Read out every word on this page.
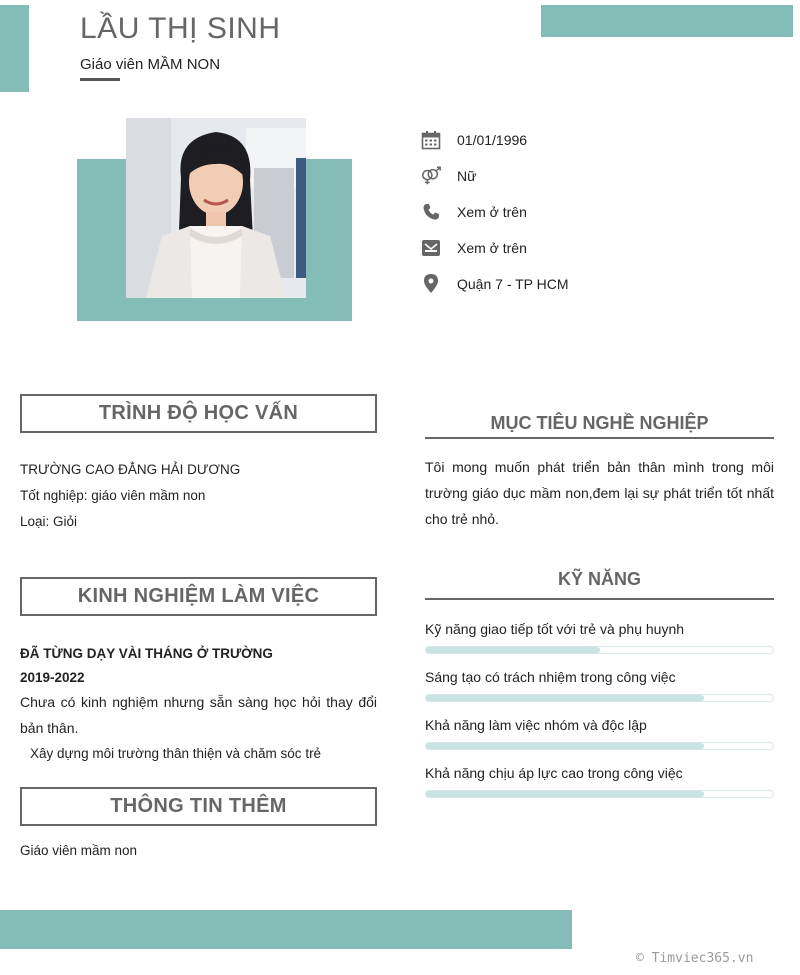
LẦU THỊ SINH
Giáo viên MẦM NON
01/01/1996
Nữ
Xem ở trên
Xem ở trên
Quận 7 - TP HCM
TRÌNH ĐỘ HỌC VẤN
TRƯỜNG CAO ĐẲNG HẢI DƯƠNG
Tốt nghiệp: giáo viên mầm non
Loại: Giỏi
KINH NGHIỆM LÀM VIỆC
ĐÃ TỪNG DẠY VÀI THÁNG Ở TRƯỜNG
2019-2022
Chưa có kinh nghiệm nhưng sẵn sàng học hỏi thay đổi bản thân.
Xây dựng môi trường thân thiện và chăm sóc trẻ
THÔNG TIN THÊM
Giáo viên mầm non
MỤC TIÊU NGHỀ NGHIỆP
Tôi mong muốn phát triển bản thân mình trong môi trường giáo dục mầm non,đem lại sự phát triển tốt nhất cho trẻ nhỏ.
KỸ NĂNG
Kỹ năng giao tiếp tốt với trẻ và phụ huynh
Sáng tạo có trách nhiệm trong công việc
Khả năng làm việc nhóm và độc lập
Khả năng chịu áp lực cao trong công việc
© Timviec365.vn
